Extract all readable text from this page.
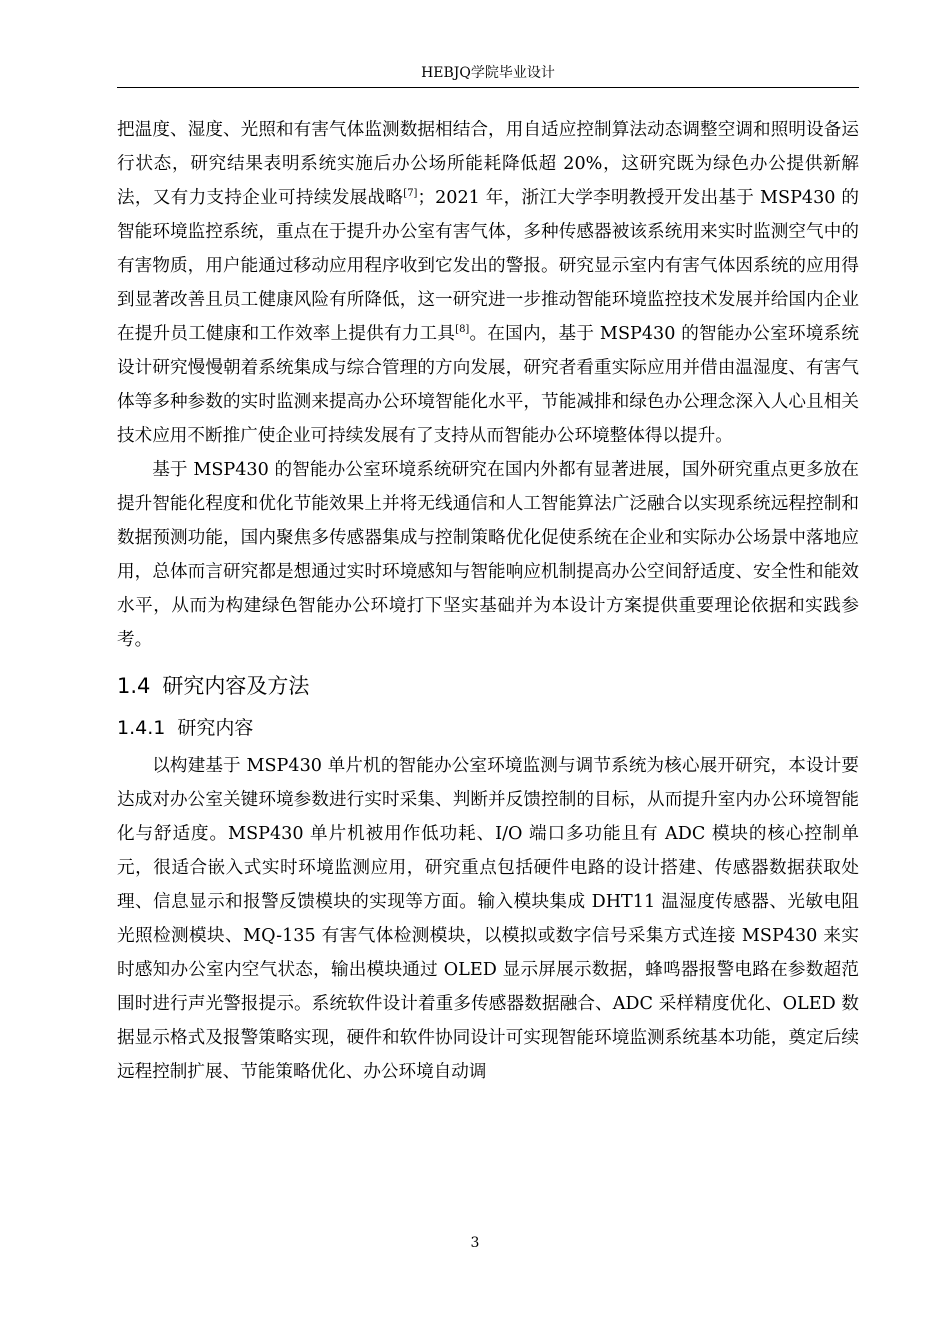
HEBJQ学院毕业设计

把温度、湿度、光照和有害气体监测数据相结合，用自适应控制算法动态调整空调和照明设备运行状态，研究结果表明系统实施后办公场所能耗降低超 20%，这研究既为绿色办公提供新解法，又有力支持企业可持续发展战略[7]；2021 年，浙江大学李明教授开发出基于 MSP430 的智能环境监控系统，重点在于提升办公室有害气体，多种传感器被该系统用来实时监测空气中的有害物质，用户能通过移动应用程序收到它发出的警报。研究显示室内有害气体因系统的应用得到显著改善且员工健康风险有所降低，这一研究进一步推动智能环境监控技术发展并给国内企业在提升员工健康和工作效率上提供有力工具[8]。在国内，基于 MSP430 的智能办公室环境系统设计研究慢慢朝着系统集成与综合管理的方向发展，研究者看重实际应用并借由温湿度、有害气体等多种参数的实时监测来提高办公环境智能化水平，节能减排和绿色办公理念深入人心且相关技术应用不断推广使企业可持续发展有了支持从而智能办公环境整体得以提升。

基于 MSP430 的智能办公室环境系统研究在国内外都有显著进展，国外研究重点更多放在提升智能化程度和优化节能效果上并将无线通信和人工智能算法广泛融合以实现系统远程控制和数据预测功能，国内聚焦多传感器集成与控制策略优化促使系统在企业和实际办公场景中落地应用，总体而言研究都是想通过实时环境感知与智能响应机制提高办公空间舒适度、安全性和能效水平，从而为构建绿色智能办公环境打下坚实基础并为本设计方案提供重要理论依据和实践参考。

1.4 研究内容及方法
1.4.1 研究内容

以构建基于 MSP430 单片机的智能办公室环境监测与调节系统为核心展开研究，本设计要达成对办公室关键环境参数进行实时采集、判断并反馈控制的目标，从而提升室内办公环境智能化与舒适度。MSP430 单片机被用作低功耗、I/O 端口多功能且有 ADC 模块的核心控制单元，很适合嵌入式实时环境监测应用，研究重点包括硬件电路的设计搭建、传感器数据获取处理、信息显示和报警反馈模块的实现等方面。输入模块集成 DHT11 温湿度传感器、光敏电阻光照检测模块、MQ-135 有害气体检测模块，以模拟或数字信号采集方式连接 MSP430 来实时感知办公室内空气状态，输出模块通过 OLED 显示屏展示数据，蜂鸣器报警电路在参数超范围时进行声光警报提示。系统软件设计着重多传感器数据融合、ADC 采样精度优化、OLED 数据显示格式及报警策略实现，硬件和软件协同设计可实现智能环境监测系统基本功能，奠定后续远程控制扩展、节能策略优化、办公环境自动调

3
